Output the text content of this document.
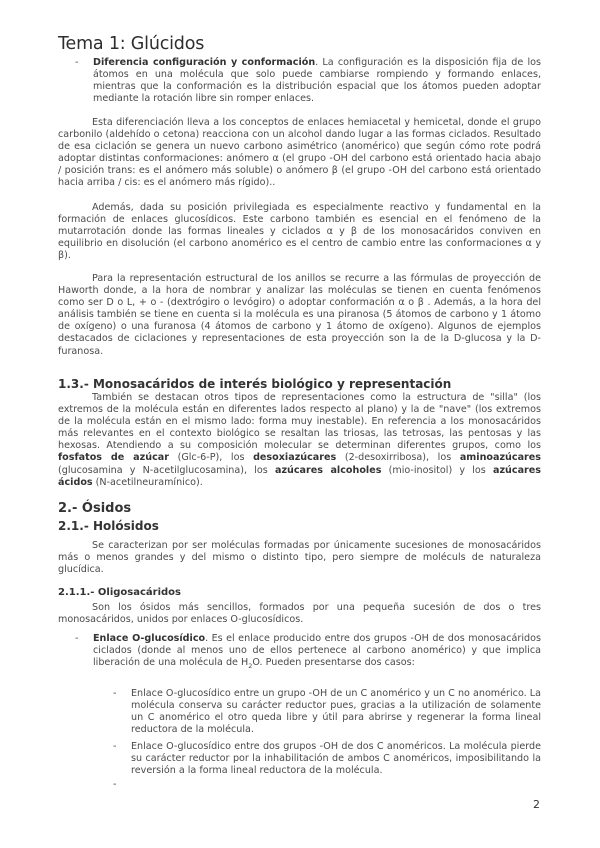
Tema 1: Glúcidos
- Diferencia configuración y conformación. La configuración es la disposición fija de los átomos en una molécula que solo puede cambiarse rompiendo y formando enlaces, mientras que la conformación es la distribución espacial que los átomos pueden adoptar mediante la rotación libre sin romper enlaces.

Esta diferenciación lleva a los conceptos de enlaces hemiacetal y hemicetal, donde el grupo carbonilo (aldehído o cetona) reacciona con un alcohol dando lugar a las formas ciclados. Resultado de esa ciclación se genera un nuevo carbono asimétrico (anomérico) que según cómo rote podrá adoptar distintas conformaciones: anómero α (el grupo -OH del carbono está orientado hacia abajo / posición trans: es el anómero más soluble) o anómero β (el grupo -OH del carbono está orientado hacia arriba / cis: es el anómero más rígido)..

Además, dada su posición privilegiada es especialmente reactivo y fundamental en la formación de enlaces glucosídicos. Este carbono también es esencial en el fenómeno de la mutarrotación donde las formas lineales y ciclados α y β de los monosacáridos conviven en equilibrio en disolución (el carbono anomérico es el centro de cambio entre las conformaciones α y β).

Para la representación estructural de los anillos se recurre a las fórmulas de proyección de Haworth donde, a la hora de nombrar y analizar las moléculas se tienen en cuenta fenómenos como ser D o L, + o - (dextrógiro o levógiro) o adoptar conformación α o β . Además, a la hora del análisis también se tiene en cuenta si la molécula es una piranosa (5 átomos de carbono y 1 átomo de oxígeno) o una furanosa (4 átomos de carbono y 1 átomo de oxígeno). Algunos de ejemplos destacados de ciclaciones y representaciones de esta proyección son la de la D-glucosa y la D-furanosa.

1.3.- Monosacáridos de interés biológico y representación

También se destacan otros tipos de representaciones como la estructura de "silla" (los extremos de la molécula están en diferentes lados respecto al plano) y la de "nave" (los extremos de la molécula están en el mismo lado: forma muy inestable). En referencia a los monosacáridos más relevantes en el contexto biológico se resaltan las triosas, las tetrosas, las pentosas y las hexosas. Atendiendo a su composición molecular se determinan diferentes grupos, como los fosfatos de azúcar (Glc-6-P), los desoxiazúcares (2-desoxirribosa), los aminoazúcares (glucosamina y N-acetilglucosamina), los azúcares alcoholes (mio-inositol) y los azúcares ácidos (N-acetilneuramínico).

2.- Ósidos
2.1.- Holósidos

Se caracterizan por ser moléculas formadas por únicamente sucesiones de monosacáridos más o menos grandes y del mismo o distinto tipo, pero siempre de moléculs de naturaleza glucídica.

2.1.1.- Oligosacáridos

Son los ósidos más sencillos, formados por una pequeña sucesión de dos o tres monosacáridos, unidos por enlaces O-glucosídicos.

- Enlace O-glucosídico. Es el enlace producido entre dos grupos -OH de dos monosacáridos ciclados (donde al menos uno de ellos pertenece al carbono anomérico) y que implica liberación de una molécula de $H_2O$. Pueden presentarse dos casos:

- Enlace O-glucosídico entre un grupo -OH de un C anomérico y un C no anomérico. La molécula conserva su carácter reductor pues, gracias a la utilización de solamente un C anomérico el otro queda libre y útil para abrirse y regenerar la forma lineal reductora de la molécula.

- Enlace O-glucosídico entre dos grupos -OH de dos C anoméricos. La molécula pierde su carácter reductor por la inhabilitación de ambos C anoméricos, imposibilitando la reversión a la forma lineal reductora de la molécula.

-
2
